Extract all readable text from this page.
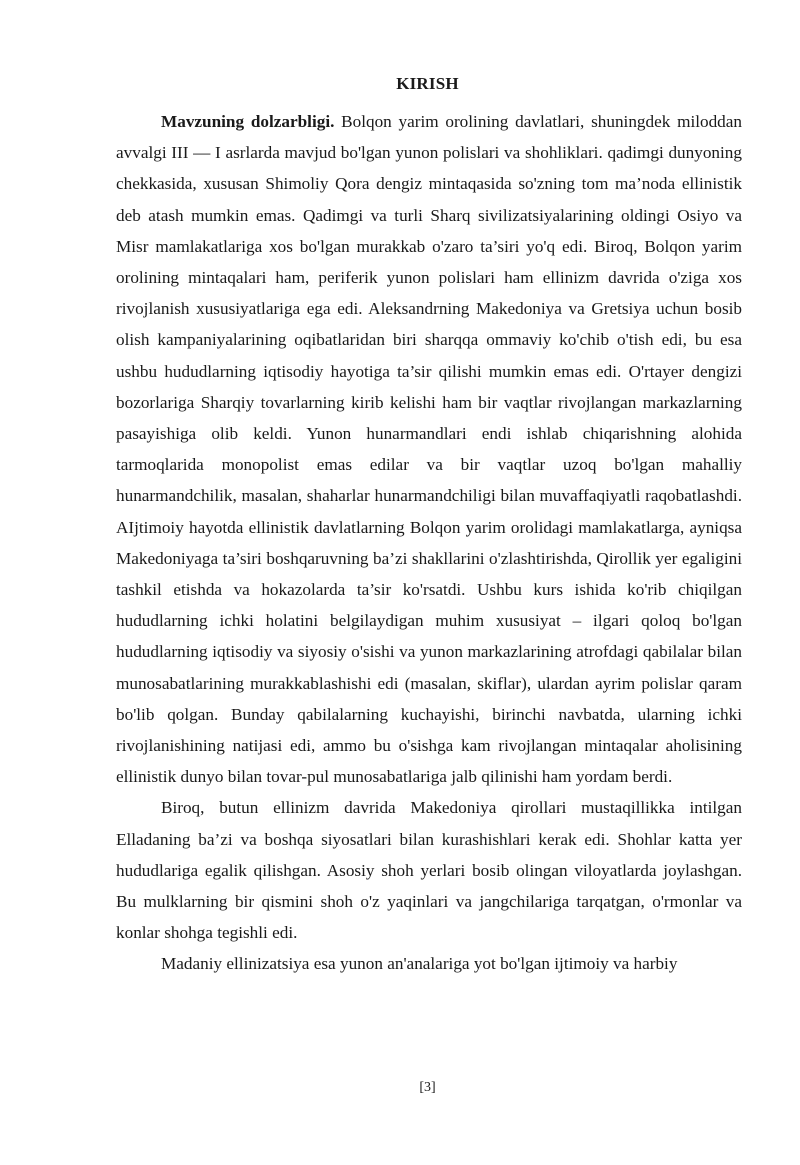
KIRISH

Mavzuning dolzarbligi. Bolqon yarim orolining davlatlari, shuningdek miloddan avvalgi III — I asrlarda mavjud bo'lgan yunon polislari va shohliklari. qadimgi dunyoning chekkasida, xususan Shimoliy Qora dengiz mintaqasida so'zning tom ma’noda ellinistik deb atash mumkin emas. Qadimgi va turli Sharq sivilizatsiyalarining oldingi Osiyo va Misr mamlakatlariga xos bo'lgan murakkab o'zaro ta’siri yo'q edi. Biroq, Bolqon yarim orolining mintaqalari ham, periferik yunon polislari ham ellinizm davrida o'ziga xos rivojlanish xususiyatlariga ega edi. Aleksandrning Makedoniya va Gretsiya uchun bosib olish kampaniyalarining oqibatlaridan biri sharqqa ommaviy ko'chib o'tish edi, bu esa ushbu hududlarning iqtisodiy hayotiga ta’sir qilishi mumkin emas edi. O'rtayer dengizi bozorlariga Sharqiy tovarlarning kirib kelishi ham bir vaqtlar rivojlangan markazlarning pasayishiga olib keldi. Yunon hunarmandlari endi ishlab chiqarishning alohida tarmoqlarida monopolist emas edilar va bir vaqtlar uzoq bo'lgan mahalliy hunarmandchilik, masalan, shaharlar hunarmandchiligi bilan muvaffaqiyatli raqobatlashdi. AIjtimoiy hayotda ellinistik davlatlarning Bolqon yarim orolidagi mamlakatlarga, ayniqsa Makedoniyaga ta’siri boshqaruvning ba’zi shakllarini o'zlashtirishda, Qirollik yer egaligini tashkil etishda va hokazolarda ta’sir ko'rsatdi. Ushbu kurs ishida ko'rib chiqilgan hududlarning ichki holatini belgilaydigan muhim xususiyat – ilgari qoloq bo'lgan hududlarning iqtisodiy va siyosiy o'sishi va yunon markazlarining atrofdagi qabilalar bilan munosabatlarining murakkablashishi edi (masalan, skiflar), ulardan ayrim polislar qaram bo'lib qolgan. Bunday qabilalarning kuchayishi, birinchi navbatda, ularning ichki rivojlanishining natijasi edi, ammo bu o'sishga kam rivojlangan mintaqalar aholisining ellinistik dunyo bilan tovar-pul munosabatlariga jalb qilinishi ham yordam berdi.

Biroq, butun ellinizm davrida Makedoniya qirollari mustaqillikka intilgan Elladaning ba’zi va boshqa siyosatlari bilan kurashishlari kerak edi. Shohlar katta yer hududlariga egalik qilishgan. Asosiy shoh yerlari bosib olingan viloyatlarda joylashgan. Bu mulklarning bir qismini shoh o'z yaqinlari va jangchilariga tarqatgan, o'rmonlar va konlar shohga tegishli edi.

Madaniy ellinizatsiya esa yunon an'analariga yot bo'lgan ijtimoiy va harbiy

[3]
